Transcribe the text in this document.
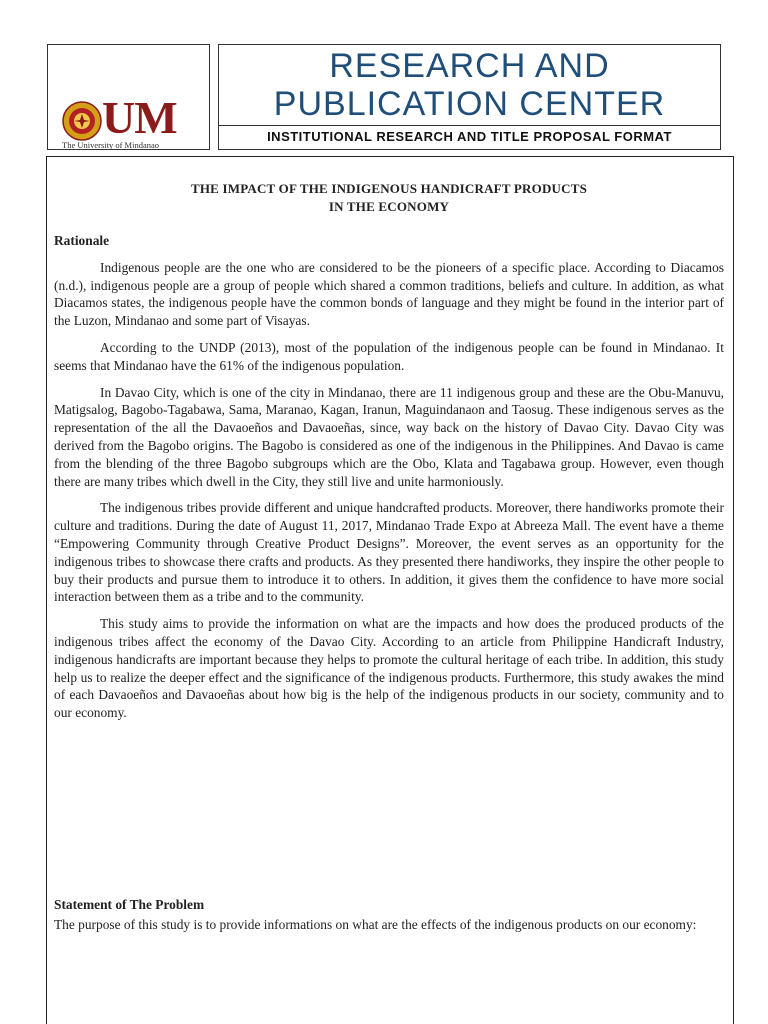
UM
The University of Mindanao
RESEARCH AND
PUBLICATION CENTER
INSTITUTIONAL RESEARCH AND TITLE PROPOSAL FORMAT

THE IMPACT OF THE INDIGENOUS HANDICRAFT PRODUCTS
IN THE ECONOMY

Rationale

Indigenous people are the one who are considered to be the pioneers of a specific place. According to Diacamos (n.d.), indigenous people are a group of people which shared a common traditions, beliefs and culture. In addition, as what Diacamos states, the indigenous people have the common bonds of language and they might be found in the interior part of the Luzon, Mindanao and some part of Visayas.

According to the UNDP (2013), most of the population of the indigenous people can be found in Mindanao. It seems that Mindanao have the 61% of the indigenous population.

In Davao City, which is one of the city in Mindanao, there are 11 indigenous group and these are the Obu-Manuvu, Matigsalog, Bagobo-Tagabawa, Sama, Maranao, Kagan, Iranun, Maguindanaon and Taosug. These indigenous serves as the representation of the all the Davaoeños and Davaoeñas, since, way back on the history of Davao City. Davao City was derived from the Bagobo origins. The Bagobo is considered as one of the indigenous in the Philippines. And Davao is came from the blending of the three Bagobo subgroups which are the Obo, Klata and Tagabawa group. However, even though there are many tribes which dwell in the City, they still live and unite harmoniously.

The indigenous tribes provide different and unique handcrafted products. Moreover, there handiworks promote their culture and traditions. During the date of August 11, 2017, Mindanao Trade Expo at Abreeza Mall. The event have a theme “Empowering Community through Creative Product Designs”. Moreover, the event serves as an opportunity for the indigenous tribes to showcase there crafts and products. As they presented there handiworks, they inspire the other people to buy their products and pursue them to introduce it to others. In addition, it gives them the confidence to have more social interaction between them as a tribe and to the community.

This study aims to provide the information on what are the impacts and how does the produced products of the indigenous tribes affect the economy of the Davao City. According to an article from Philippine Handicraft Industry, indigenous handicrafts are important because they helps to promote the cultural heritage of each tribe. In addition, this study help us to realize the deeper effect and the significance of the indigenous products. Furthermore, this study awakes the mind of each Davaoeños and Davaoeñas about how big is the help of the indigenous products in our society, community and to our economy.

Statement of The Problem
The purpose of this study is to provide informations on what are the effects of the indigenous products on our economy:
